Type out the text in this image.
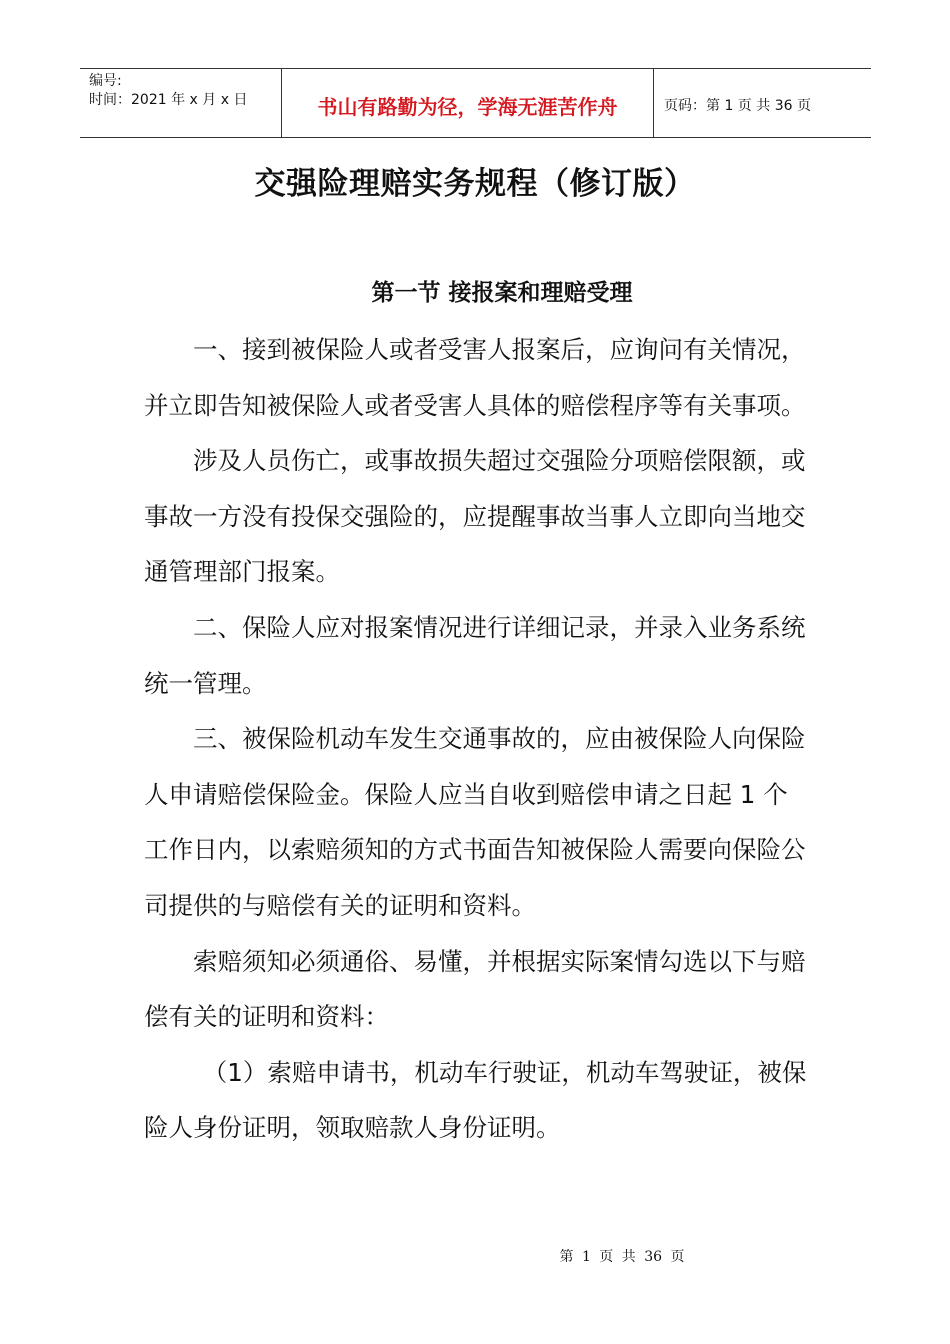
编号:
时间：2021 年 x 月 x 日	书山有路勤为径，学海无涯苦作舟	页码：第 1 页 共 36 页
交强险理赔实务规程（修订版）
第一节 接报案和理赔受理

一、接到被保险人或者受害人报案后，应询问有关情况，并立即告知被保险人或者受害人具体的赔偿程序等有关事项。

涉及人员伤亡，或事故损失超过交强险分项赔偿限额，或事故一方没有投保交强险的，应提醒事故当事人立即向当地交通管理部门报案。

二、保险人应对报案情况进行详细记录，并录入业务系统统一管理。

三、被保险机动车发生交通事故的，应由被保险人向保险人申请赔偿保险金。保险人应当自收到赔偿申请之日起 1 个工作日内，以索赔须知的方式书面告知被保险人需要向保险公司提供的与赔偿有关的证明和资料。

索赔须知必须通俗、易懂，并根据实际案情勾选以下与赔偿有关的证明和资料：

（1）索赔申请书，机动车行驶证，机动车驾驶证，被保险人身份证明，领取赔款人身份证明。

第 1 页 共 36 页
